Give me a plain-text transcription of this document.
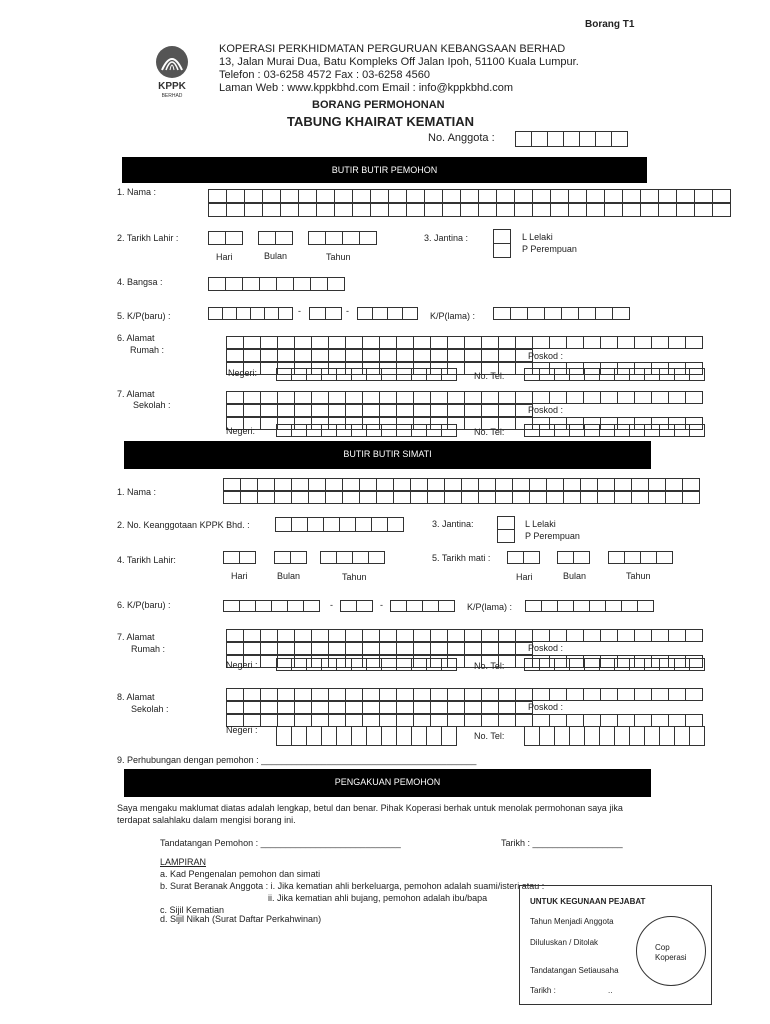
Borang T1
KPPK
BERHAD
KOPERASI PERKHIDMATAN PERGURUAN KEBANGSAAN BERHAD
13, Jalan Murai Dua, Batu Kompleks Off Jalan Ipoh, 51100 Kuala Lumpur.
Telefon : 03-6258 4572 Fax : 03-6258 4560
Laman Web : www.kppkbhd.com Email : info@kppkbhd.com
BORANG PERMOHONAN
TABUNG KHAIRAT KEMATIAN
No. Anggota :
BUTIR BUTIR PEMOHON
1. Nama :
2. Tarikh Lahir :
Hari	Bulan	Tahun
3. Jantina :	L Lelaki
P Perempuan
4. Bangsa :
5. K/P(baru) :	-	-	K/P(lama) :
6. Alamat
Rumah :
Poskod :
Negeri:	No. Tel:
7. Alamat
Sekolah :	Poskod :
Negeri:	No. Tel:
BUTIR BUTIR SIMATI
1. Nama :
2. No. Keanggotaan KPPK Bhd. :	3. Jantina:	L Lelaki
P Perempuan
4. Tarikh Lahir:
Hari	Bulan	Tahun
5. Tarikh mati :
Hari	Bulan	Tahun
6. K/P(baru) :	-	-	K/P(lama) :
7. Alamat
Rumah :	Poskod :
Negeri :	No. Tel:
8. Alamat
Sekolah :	Poskod :
Negeri :
No. Tel:
9. Perhubungan dengan pemohon : ___________________________________________
PENGAKUAN PEMOHON
Saya mengaku maklumat diatas adalah lengkap, betul dan benar. Pihak Koperasi berhak untuk menolak permohonan saya jika
terdapat salahlaku dalam mengisi borang ini.
Tandatangan Pemohon : ____________________________	Tarikh : __________________
LAMPIRAN
a. Kad Pengenalan pemohon dan simati
b. Surat Beranak Anggota : i. Jika kematian ahli berkeluarga, pemohon adalah suami/isteri atau :
ii. Jika kematian ahli bujang, pemohon adalah ibu/bapa
c. Sijil Kematian
d. Sijil Nikah (Surat Daftar Perkahwinan)
UNTUK KEGUNAAN PEJABAT
Tahun Menjadi Anggota
Diluluskan / Ditolak
Tandatangan Setiausaha
Tarikh :	..
Cop
Koperasi
